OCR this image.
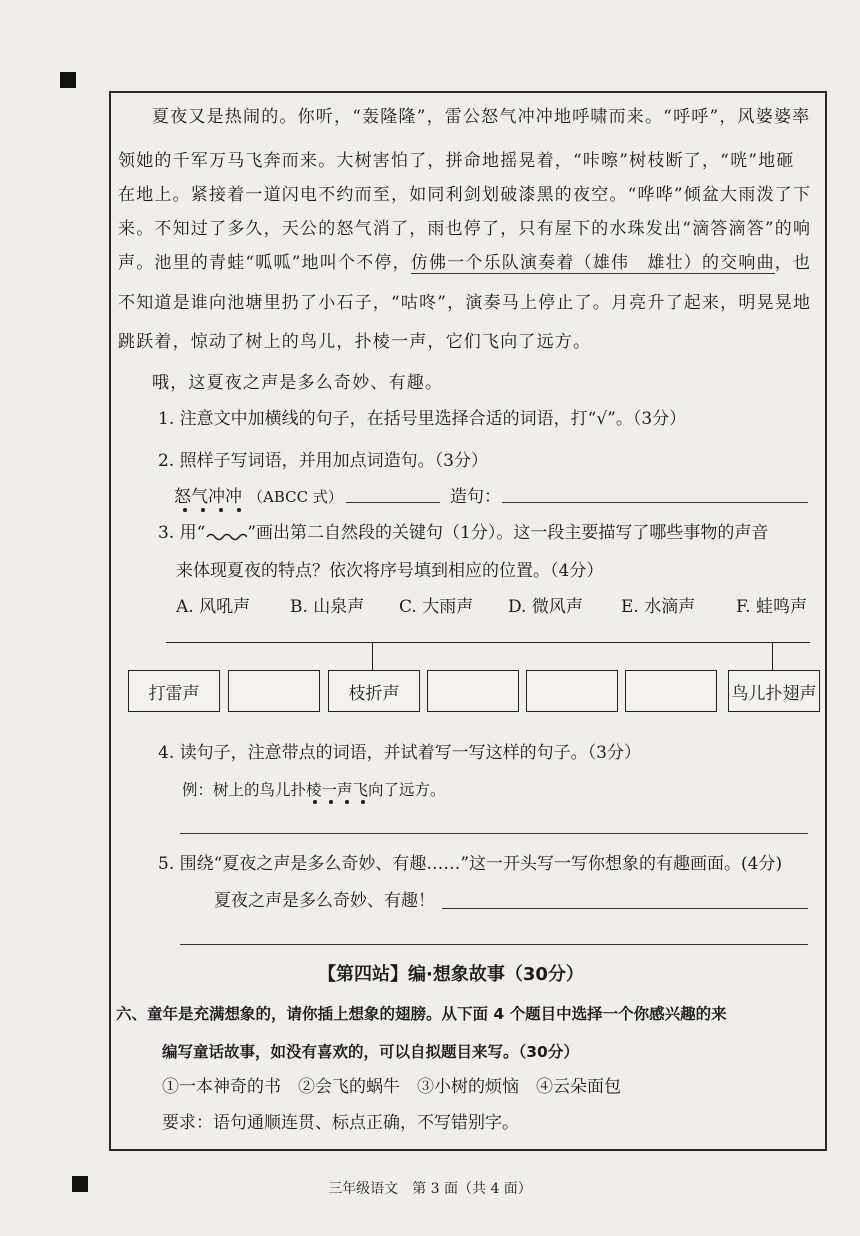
夏夜又是热闹的。你听，“轰隆隆”，雷公怒气冲冲地呼啸而来。“呼呼”，风婆婆率
领她的千军万马飞奔而来。大树害怕了，拼命地摇晃着，“咔嚓”树枝断了，“咣”地砸
在地上。紧接着一道闪电不约而至，如同利剑划破漆黑的夜空。“哗哗”倾盆大雨泼了下
来。不知过了多久，天公的怒气消了，雨也停了，只有屋下的水珠发出“滴答滴答”的响
声。池里的青蛙“呱呱”地叫个不停，仿佛一个乐队演奏着（雄伟　雄壮）的交响曲，也
不知道是谁向池塘里扔了小石子，“咕咚”，演奏马上停止了。月亮升了起来，明晃晃地
跳跃着，惊动了树上的鸟儿，扑棱一声，它们飞向了远方。
哦，这夏夜之声是多么奇妙、有趣。
1. 注意文中加横线的句子，在括号里选择合适的词语，打“√”。（3分）
2. 照样子写词语，并用加点词造句。（3分）
怒气冲冲 （ABCC 式）	造句：
3. 用“ ”画出第二自然段的关键句（1分）。这一段主要描写了哪些事物的声音
来体现夏夜的特点？依次将序号填到相应的位置。（4分）
A. 风吼声 B. 山泉声 C. 大雨声 D. 微风声 E. 水滴声 F. 蛙鸣声
打雷声	枝折声	鸟儿扑翅声
4. 读句子，注意带点的词语，并试着写一写这样的句子。（3分）
例：树上的鸟儿扑棱一声飞向了远方。
5. 围绕“夏夜之声是多么奇妙、有趣……”这一开头写一写你想象的有趣画面。(4分)
夏夜之声是多么奇妙、有趣！
【第四站】编·想象故事（30分）
六、童年是充满想象的，请你插上想象的翅膀。从下面 4 个题目中选择一个你感兴趣的来
编写童话故事，如没有喜欢的，可以自拟题目来写。（30分）
①一本神奇的书　②会飞的蜗牛　③小树的烦恼　④云朵面包
要求：语句通顺连贯、标点正确，不写错别字。
三年级语文　第 3 面（共 4 面）
